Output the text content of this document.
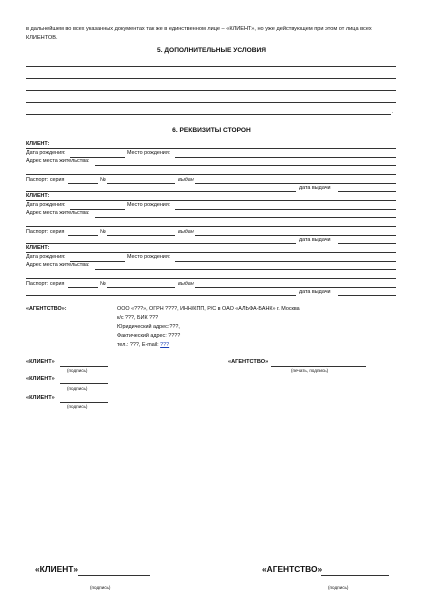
в дальнейшем во всех указанных документах так же в единственном лице – «КЛИЕНТ», но уже действующем при этом от лица всех КЛИЕНТОВ.
5. ДОПОЛНИТЕЛЬНЫЕ УСЛОВИЯ
.
6. РЕКВИЗИТЫ СТОРОН
КЛИЕНТ:
Дата рождения:	Место рождения:
Адрес места жительства:
Паспорт: серия	№	выдан
дата выдачи
КЛИЕНТ:
Дата рождения:	Место рождения:
Адрес места жительства:
Паспорт: серия	№	выдан
дата выдачи
КЛИЕНТ:
Дата рождения:	Место рождения:
Адрес места жительства:
Паспорт: серия	№	выдан
дата выдачи
«АГЕНТСТВО»:	ООО «???», ОГРН ????, ИНН/КПП, Р/С в ОАО «АЛЬФА-БАНК» г. Москва
к/с ???, БИК ???
Юридический адрес:???,
Фактический адрес: ????
тел.: ???, E-mail: ???
«КЛИЕНТ»
(подпись)
«АГЕНТСТВО»
(печать, подпись)
«КЛИЕНТ»
(подпись)
«КЛИЕНТ»
(подпись)
«КЛИЕНТ»
(подпись)
«АГЕНТСТВО»
(подпись)
